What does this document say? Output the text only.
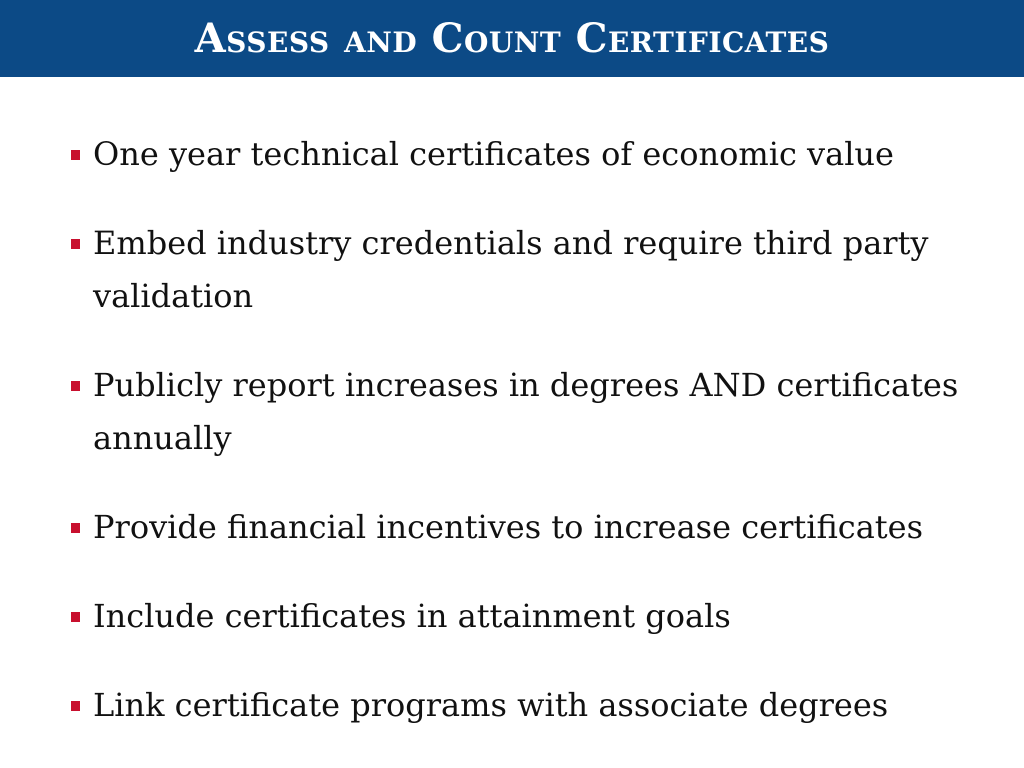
Assess and Count Certificates
One year technical certificates of economic value
Embed industry credentials and require third party validation
Publicly report increases in degrees AND certificates annually
Provide financial incentives to increase certificates
Include certificates in attainment goals
Link certificate programs with associate degrees
